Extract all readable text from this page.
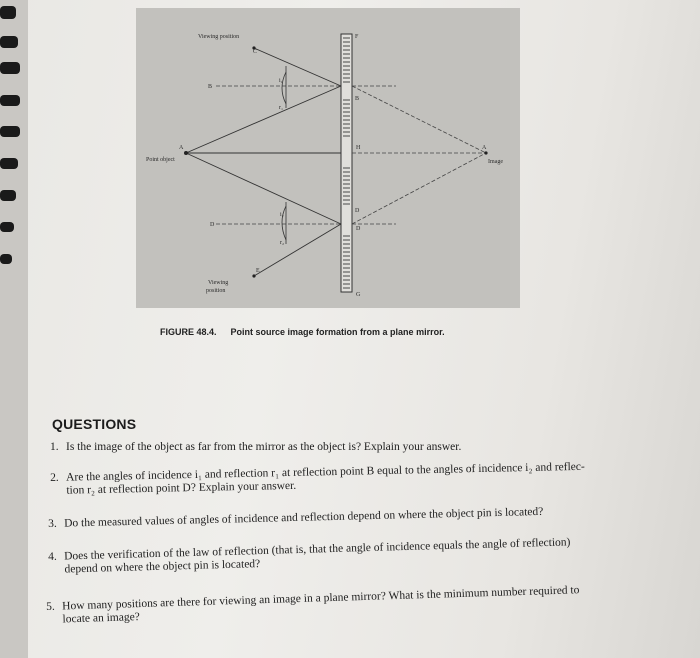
Viewing position
C
F
B
B
i₁
r₁
A
Point object
H	A
Image
D
D
D
i₂
r₂
E
Viewing
position
G
FIGURE 48.4. Point source image formation from a plane mirror.
QUESTIONS
1. Is the image of the object as far from the mirror as the object is? Explain your answer.
2. Are the angles of incidence i₁ and reflection r₁ at reflection point B equal to the angles of incidence i₂ and reflec-
tion r₂ at reflection point D? Explain your answer.
3. Do the measured values of angles of incidence and reflection depend on where the object pin is located?
4. Does the verification of the law of reflection (that is, that the angle of incidence equals the angle of reflection)
depend on where the object pin is located?
5. How many positions are there for viewing an image in a plane mirror? What is the minimum number required to
locate an image?
